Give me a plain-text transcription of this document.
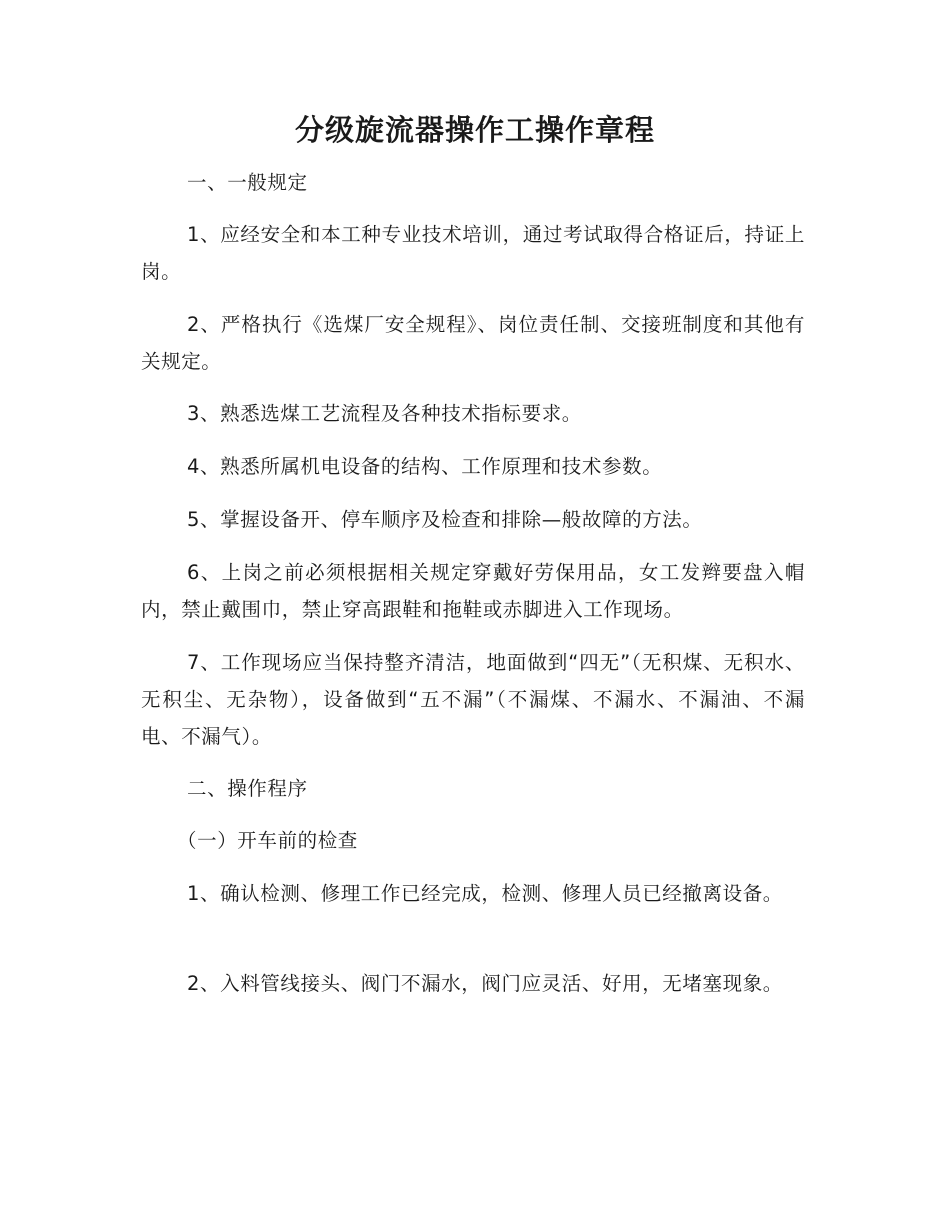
分级旋流器操作工操作章程

一、一般规定

1、应经安全和本工种专业技术培训，通过考试取得合格证后，持证上岗。

2、严格执行《选煤厂安全规程》、岗位责任制、交接班制度和其他有关规定。

3、熟悉选煤工艺流程及各种技术指标要求。

4、熟悉所属机电设备的结构、工作原理和技术参数。

5、掌握设备开、停车顺序及检查和排除—般故障的方法。

6、上岗之前必须根据相关规定穿戴好劳保用品，女工发辫要盘入帽内，禁止戴围巾，禁止穿高跟鞋和拖鞋或赤脚进入工作现场。

7、工作现场应当保持整齐清洁，地面做到“四无”（无积煤、无积水、无积尘、无杂物），设备做到“五不漏”（不漏煤、不漏水、不漏油、不漏电、不漏气）。

二、操作程序

（一）开车前的检查

1、确认检测、修理工作已经完成，检测、修理人员已经撤离设备。

2、入料管线接头、阀门不漏水，阀门应灵活、好用，无堵塞现象。
